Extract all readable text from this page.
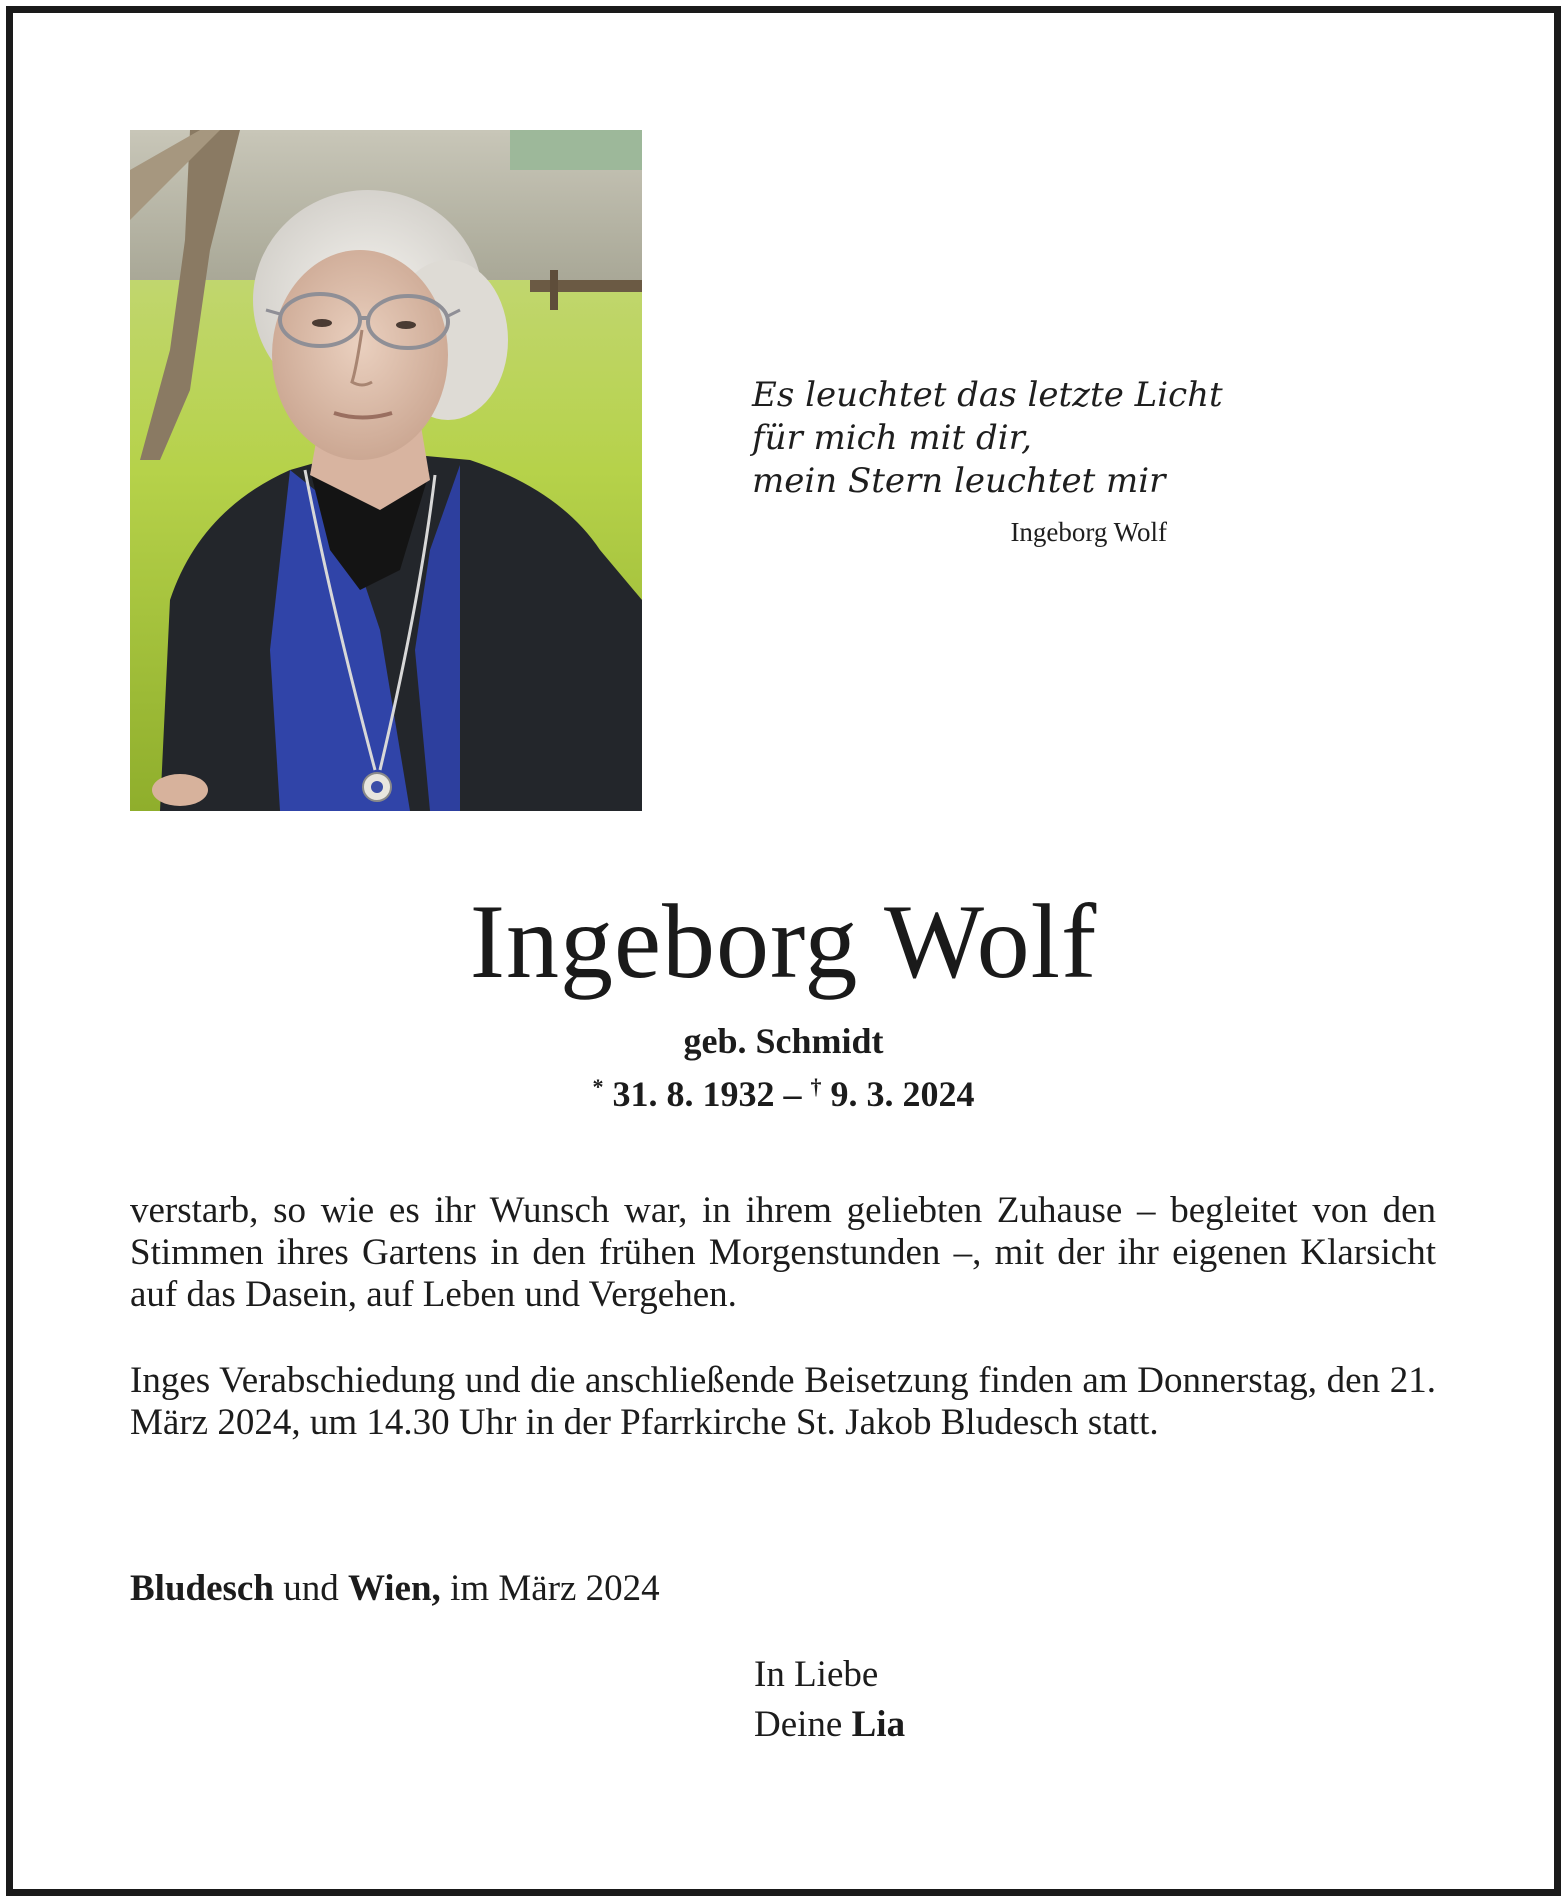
Es leuchtet das letzte Licht
für mich mit dir,
mein Stern leuchtet mir
Ingeborg Wolf
Ingeborg Wolf
geb. Schmidt
* 31. 8. 1932 – † 9. 3. 2024
verstarb, so wie es ihr Wunsch war, in ihrem geliebten Zuhause – begleitet von den Stimmen ihres Gartens in den frühen Morgenstunden –, mit der ihr eigenen Klarsicht auf das Dasein, auf Leben und Vergehen.
Inges Verabschiedung und die anschließende Beisetzung finden am Donnerstag, den 21. März 2024, um 14.30 Uhr in der Pfarrkirche St. Jakob Bludesch statt.
Bludesch und Wien, im März 2024
In Liebe
Deine Lia
